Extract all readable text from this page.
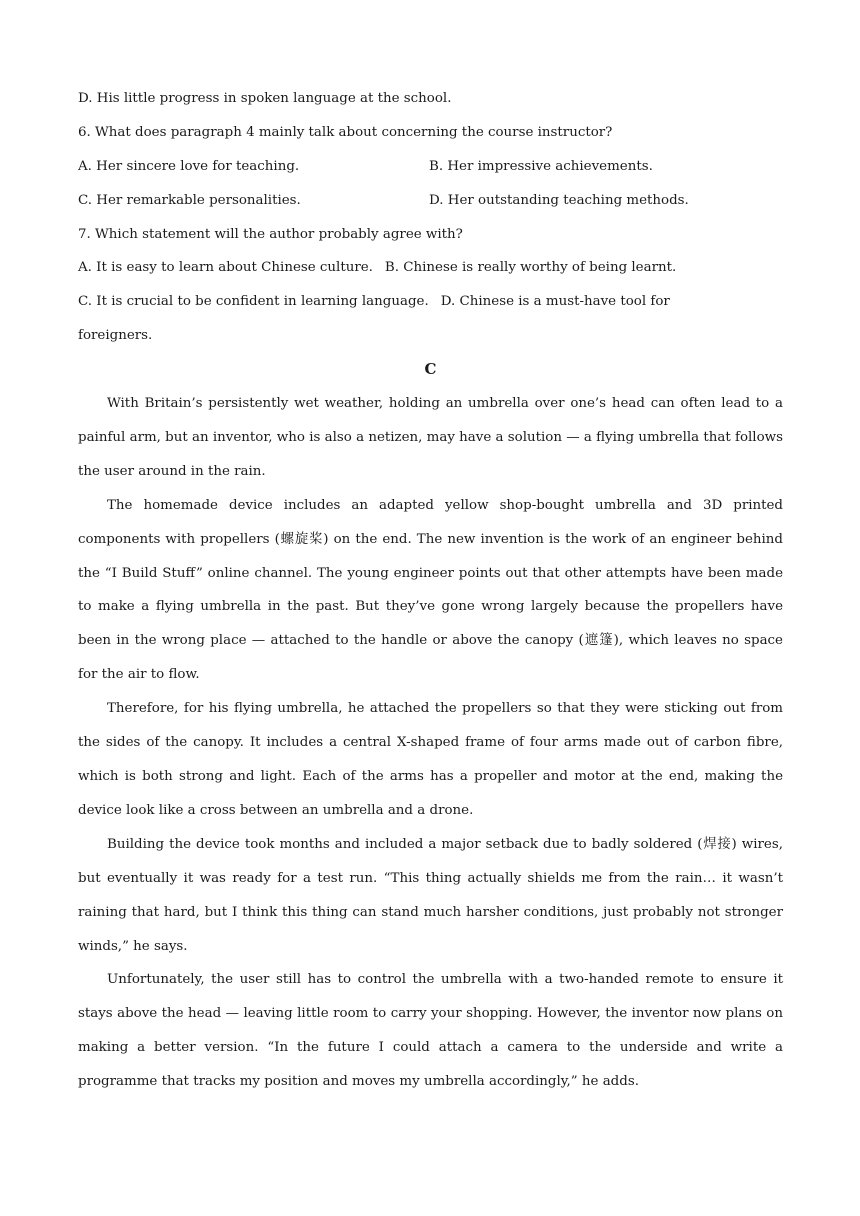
D. His little progress in spoken language at the school.

6. What does paragraph 4 mainly talk about concerning the course instructor?

A. Her sincere love for teaching.	B. Her impressive achievements.
C. Her remarkable personalities.	D. Her outstanding teaching methods.

7. Which statement will the author probably agree with?

A. It is easy to learn about Chinese culture. B. Chinese is really worthy of being learnt.
C. It is crucial to be confident in learning language. D. Chinese is a must-have tool for

foreigners.

C

With Britain’s persistently wet weather, holding an umbrella over one’s head can often lead to a painful arm, but an inventor, who is also a netizen, may have a solution — a flying umbrella that follows the user around in the rain.

The homemade device includes an adapted yellow shop-bought umbrella and 3D printed components with propellers (螺旋桨) on the end. The new invention is the work of an engineer behind the “I Build Stuff” online channel. The young engineer points out that other attempts have been made to make a flying umbrella in the past. But they’ve gone wrong largely because the propellers have been in the wrong place — attached to the handle or above the canopy (遮篷), which leaves no space for the air to flow.

Therefore, for his flying umbrella, he attached the propellers so that they were sticking out from the sides of the canopy. It includes a central X-shaped frame of four arms made out of carbon fibre, which is both strong and light. Each of the arms has a propeller and motor at the end, making the device look like a cross between an umbrella and a drone.

Building the device took months and included a major setback due to badly soldered (焊接) wires, but eventually it was ready for a test run. “This thing actually shields me from the rain… it wasn’t raining that hard, but I think this thing can stand much harsher conditions, just probably not stronger winds,” he says.

Unfortunately, the user still has to control the umbrella with a two-handed remote to ensure it stays above the head — leaving little room to carry your shopping. However, the inventor now plans on making a better version. “In the future I could attach a camera to the underside and write a programme that tracks my position and moves my umbrella accordingly,” he adds.
